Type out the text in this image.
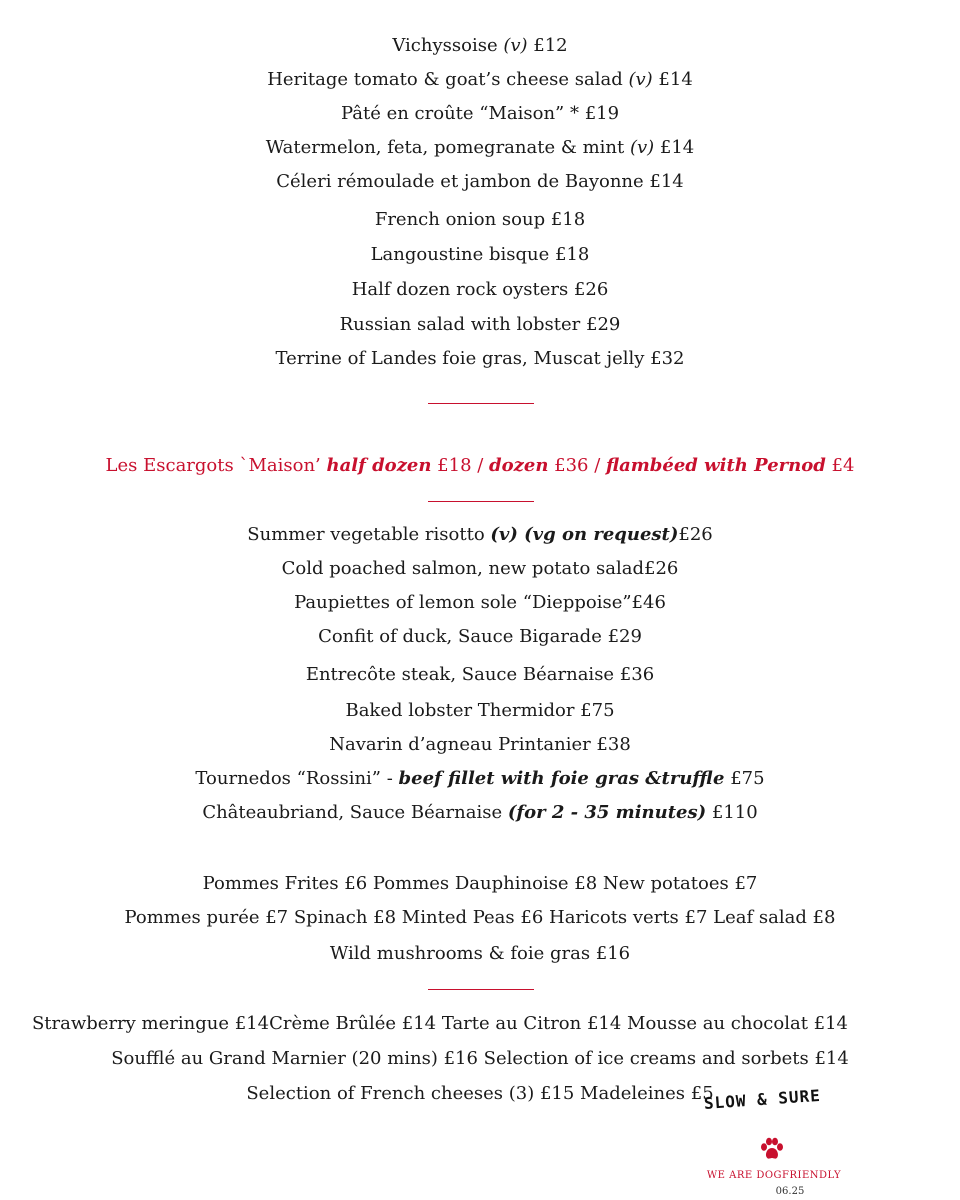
Vichyssoise (v) £12
Heritage tomato & goat’s cheese salad (v) £14
Pâté en croûte “Maison” * £19
Watermelon, feta, pomegranate & mint (v) £14
Céleri rémoulade et jambon de Bayonne £14
French onion soup £18
Langoustine bisque £18
Half dozen rock oysters £26
Russian salad with lobster £29
Terrine of Landes foie gras, Muscat jelly £32
Les Escargots `Maison’ half dozen £18 / dozen £36 / flambéed with Pernod £4
Summer vegetable risotto (v) (vg on request)£26
Cold poached salmon, new potato salad£26
Paupiettes of lemon sole “Dieppoise”£46
Confit of duck, Sauce Bigarade £29
Entrecôte steak, Sauce Béarnaise £36
Baked lobster Thermidor £75
Navarin d’agneau Printanier £38
Tournedos “Rossini” - beef fillet with foie gras &truffle £75
Châteaubriand, Sauce Béarnaise (for 2 - 35 minutes) £110
Pommes Frites £6 Pommes Dauphinoise £8 New potatoes £7
Pommes purée £7 Spinach £8 Minted Peas £6 Haricots verts £7 Leaf salad £8
Wild mushrooms & foie gras £16
Strawberry meringue £14Crème Brûlée £14 Tarte au Citron £14 Mousse au chocolat £14
Soufflé au Grand Marnier (20 mins) £16 Selection of ice creams and sorbets £14
Selection of French cheeses (3) £15 Madeleines £5
SLOW & SURE
WE ARE DOGFRIENDLY
06.25
